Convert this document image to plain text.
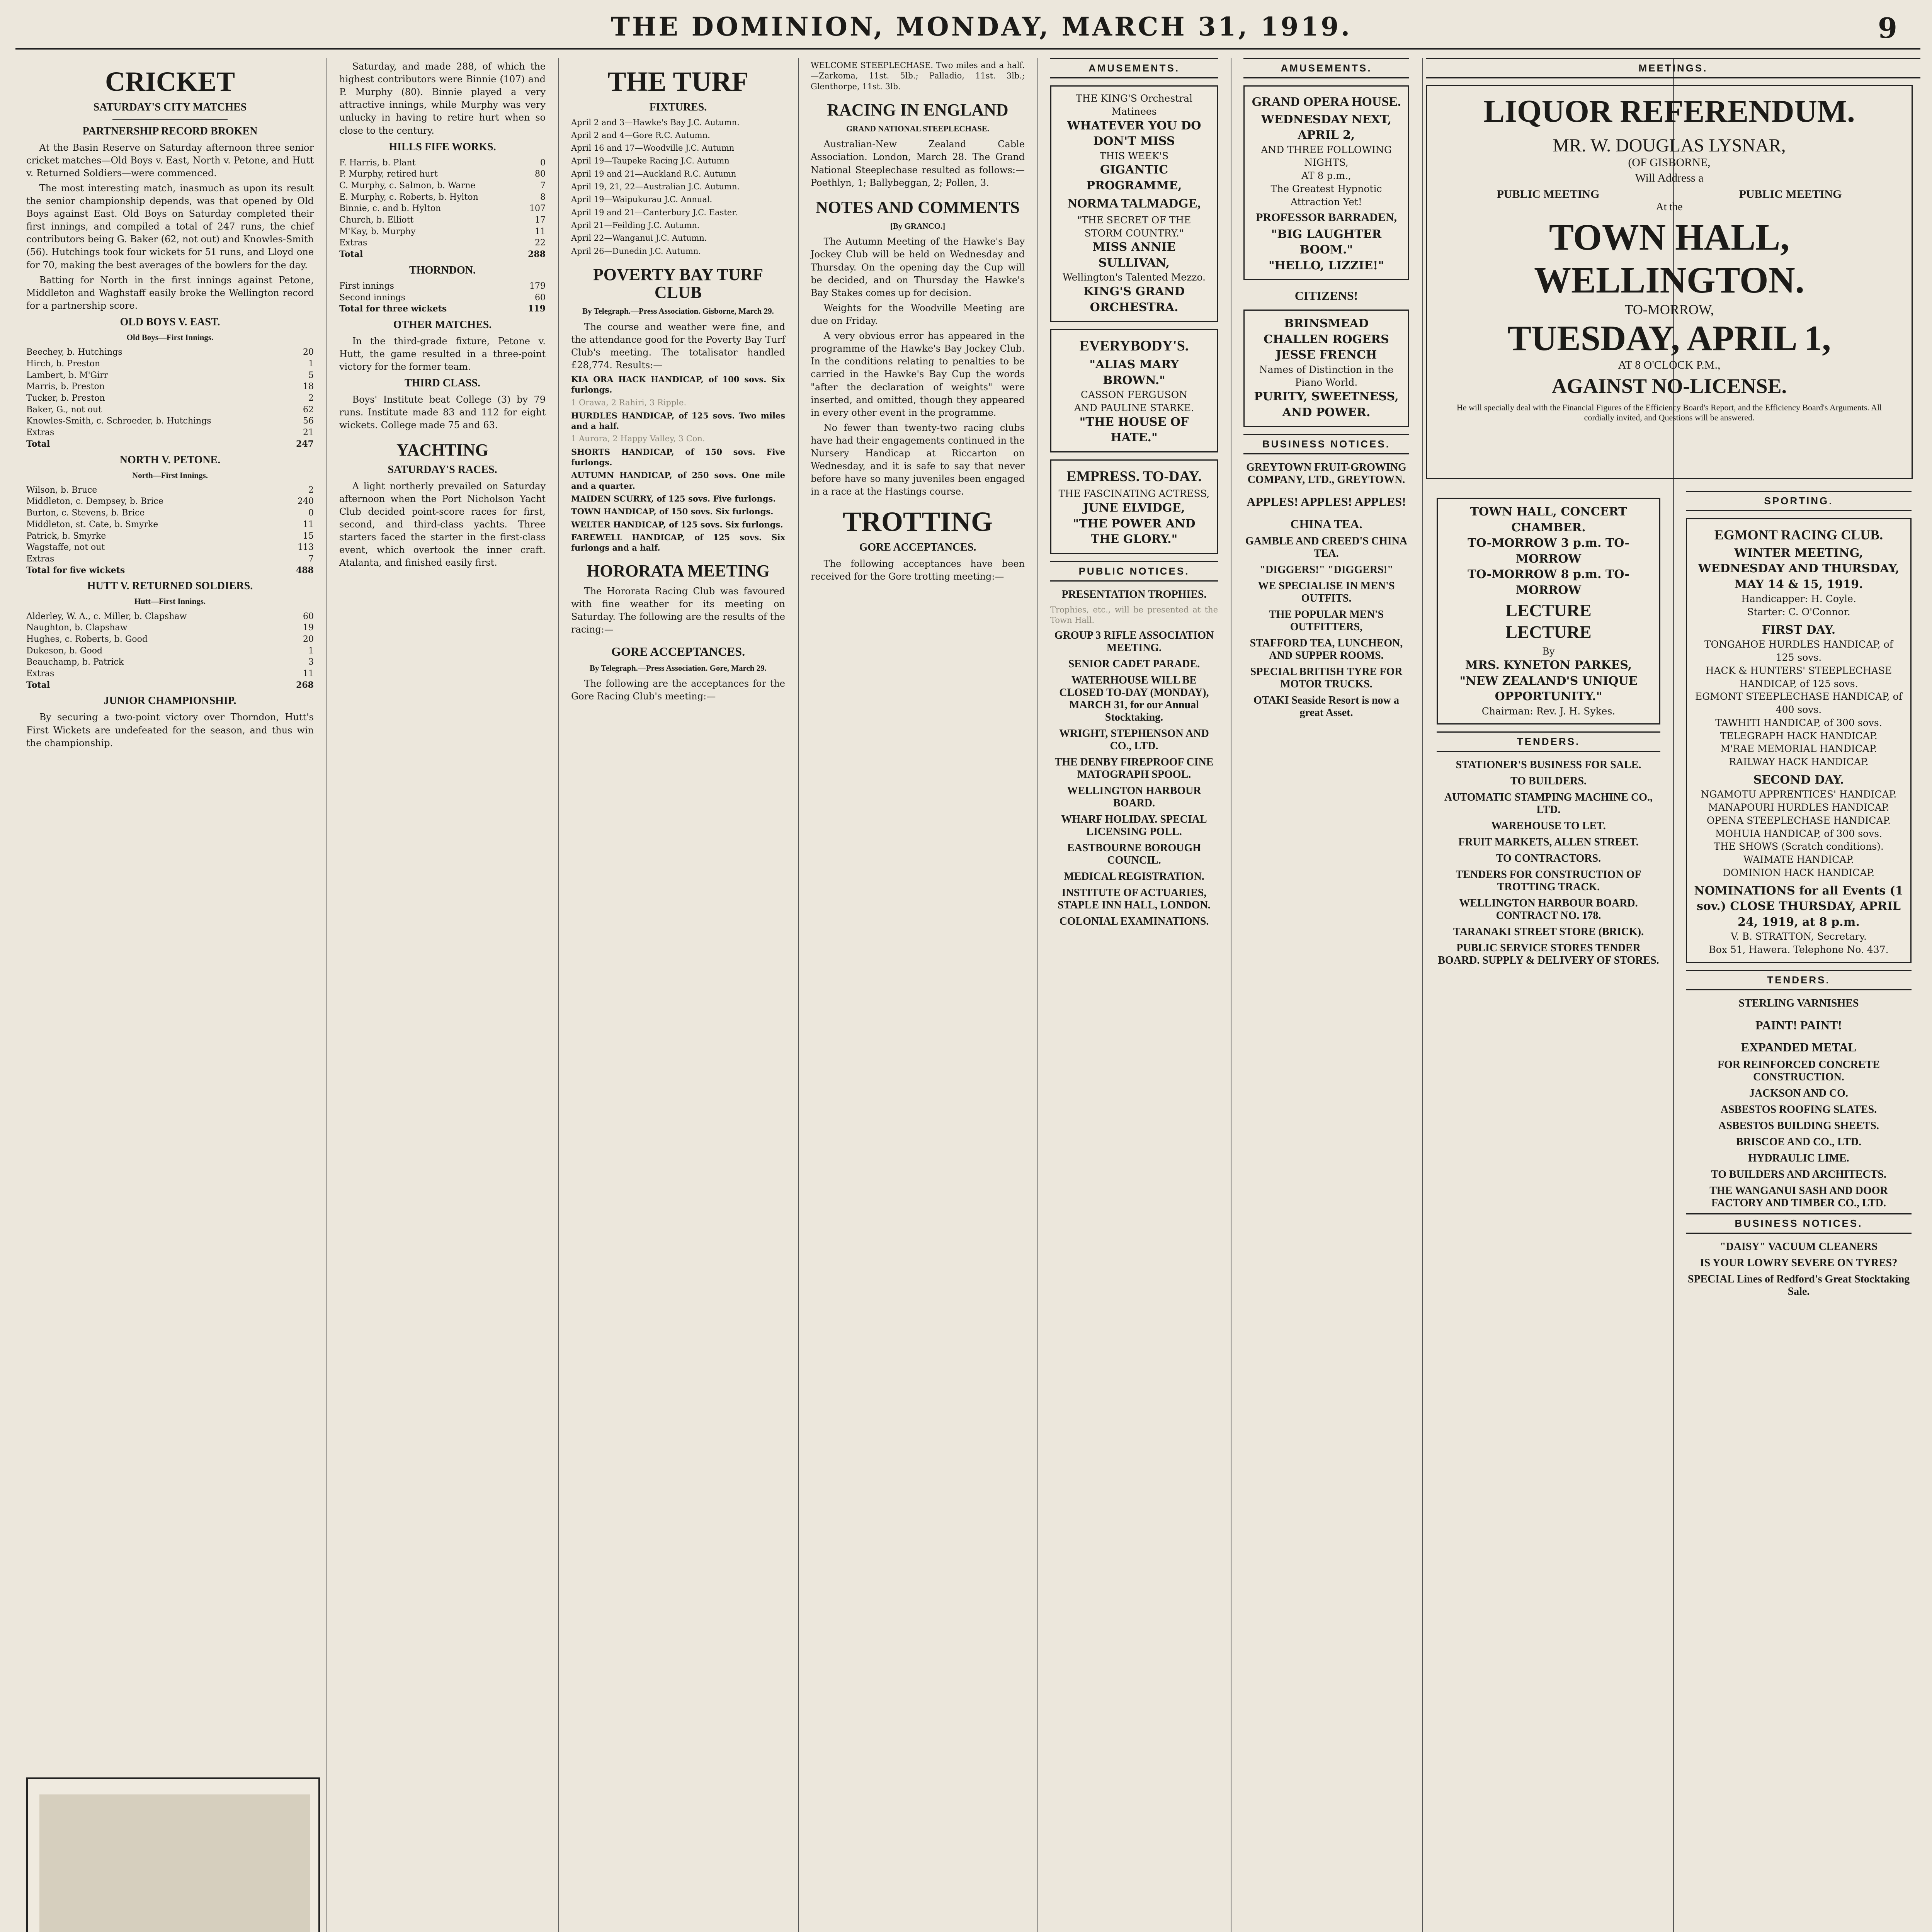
THE DOMINION, MONDAY, MARCH 31, 1919.	9
CRICKET
SATURDAY'S CITY MATCHES
PARTNERSHIP RECORD BROKEN
At the Basin Reserve on Saturday afternoon three senior cricket matches—Old Boys v. East, North v. Petone, and Hutt v. Returned Soldiers—were commenced.
The most interesting match, inasmuch as upon its result the senior championship depends, was that opened by Old Boys against East. Old Boys on Saturday completed their first innings, and compiled a total of 247 runs, the chief contributors being G. Baker (62, not out) and Knowles-Smith (56). Hutchings took four wickets for 51 runs, and Lloyd one for 70, making the best averages of the bowlers for the day.
Batting for North in the first innings against Petone, Middleton and Waghstaff easily broke the Wellington record for a partnership score.
OLD BOYS V. EAST.
Old Boys—First Innings.
Beechey, b. Hutchings	20
Hirch, b. Preston	1
Lambert, b. M'Girr	5
Marris, b. Preston	18
Tucker, b. Preston	2
Baker, G., not out	62
Knowles-Smith, c. Schroeder, b. Hutchings	56
Extras	21
Total	247
NORTH V. PETONE.
North—First Innings.
Wilson, b. Bruce	2
Middleton, c. Dempsey, b. Brice	240
Burton, c. Stevens, b. Brice	0
Middleton, st. Cate, b. Smyrke	11
Patrick, b. Smyrke	15
Wagstaffe, not out	113
Extras	7
Total for five wickets	488
HUTT V. RETURNED SOLDIERS.
Hutt—First Innings.
Alderley, W. A., c. Miller, b. Clapshaw	60
Naughton, b. Clapshaw	19
Hughes, c. Roberts, b. Good	20
Dukeson, b. Good	1
Beauchamp, b. Patrick	3
Extras	11
Total	268
JUNIOR CHAMPIONSHIP.
By securing a two-point victory over Thorndon, Hutt's First Wickets are undefeated for the season, and thus win the championship.
Saturday, and made 288, of which the highest contributors were Binnie (107) and P. Murphy (80). Binnie played a very attractive innings, while Murphy was very unlucky in having to retire hurt when so close to the century.
HILLS FIFE WORKS.
F. Harris, b. Plant	0
P. Murphy, retired hurt	80
C. Murphy, c. Salmon, b. Warne	7
E. Murphy, c. Roberts, b. Hylton	8
Binnie, c. and b. Hylton	107
Church, b. Elliott	17
M'Kay, b. Murphy	11
Extras	22
Total	288
THORNDON.
First innings	179
Second innings	60
Total for three wickets	119
OTHER MATCHES.
In the third-grade fixture, Petone v. Hutt, the game resulted in a three-point victory for the former team.
THIRD CLASS.
Boys' Institute beat College (3) by 79 runs. Institute made 83 and 112 for eight wickets. College made 75 and 63.
YACHTING
SATURDAY'S RACES.
A light northerly prevailed on Saturday afternoon when the Port Nicholson Yacht Club decided point-score races for first, second, and third-class yachts. Three starters faced the starter in the first-class event, which overtook the inner craft. Atalanta, and finished easily first.
THE TURF
FIXTURES.
April 2 and 3—Hawke's Bay J.C. Autumn.
April 2 and 4—Gore R.C. Autumn.
April 16 and 17—Woodville J.C. Autumn
April 19—Taupeke Racing J.C. Autumn
April 19 and 21—Auckland R.C. Autumn
April 19, 21, 22—Australian J.C. Autumn.
April 19—Waipukurau J.C. Annual.
April 19 and 21—Canterbury J.C. Easter.
April 21—Feilding J.C. Autumn.
April 22—Wanganui J.C. Autumn.
April 26—Dunedin J.C. Autumn.
POVERTY BAY TURF CLUB
By Telegraph.—Press Association. Gisborne, March 29.
The course and weather were fine, and the attendance good for the Poverty Bay Turf Club's meeting. The totalisator handled £28,774. Results:—
KIA ORA HACK HANDICAP, of 100 sovs. Six furlongs.
1 Orawa, 2 Rahiri, 3 Ripple.
HURDLES HANDICAP, of 125 sovs. Two miles and a half.
1 Aurora, 2 Happy Valley, 3 Con.
SHORTS HANDICAP, of 150 sovs. Five furlongs.
AUTUMN HANDICAP, of 250 sovs. One mile and a quarter.
MAIDEN SCURRY, of 125 sovs. Five furlongs.
TOWN HANDICAP, of 150 sovs. Six furlongs.
WELTER HANDICAP, of 125 sovs. Six furlongs.
FAREWELL HANDICAP, of 125 sovs. Six furlongs and a half.
HORORATA MEETING
The Hororata Racing Club was favoured with fine weather for its meeting on Saturday. The following are the results of the racing:—
GORE ACCEPTANCES.
By Telegraph.—Press Association. Gore, March 29.
The following are the acceptances for the Gore Racing Club's meeting:—
WELCOME STEEPLECHASE. Two miles and a half.—Zarkoma, 11st. 5lb.; Palladio, 11st. 3lb.; Glenthorpe, 11st. 3lb.
RACING IN ENGLAND
GRAND NATIONAL STEEPLECHASE.
Australian-New Zealand Cable Association. London, March 28. The Grand National Steeplechase resulted as follows:—Poethlyn, 1; Ballybeggan, 2; Pollen, 3.
NOTES AND COMMENTS
[By GRANCO.]
The Autumn Meeting of the Hawke's Bay Jockey Club will be held on Wednesday and Thursday. On the opening day the Cup will be decided, and on Thursday the Hawke's Bay Stakes comes up for decision.
Weights for the Woodville Meeting are due on Friday.
A very obvious error has appeared in the programme of the Hawke's Bay Jockey Club. In the conditions relating to penalties to be carried in the Hawke's Bay Cup the words "after the declaration of weights" were inserted, and omitted, though they appeared in every other event in the programme.
No fewer than twenty-two racing clubs have had their engagements continued in the Nursery Handicap at Riccarton on Wednesday, and it is safe to say that never before have so many juveniles been engaged in a race at the Hastings course.
TROTTING
GORE ACCEPTANCES.
The following acceptances have been received for the Gore trotting meeting:—
AMUSEMENTS.
THE KING'S Orchestral Matinees
WHATEVER YOU DO
DON'T MISS
THIS WEEK'S
GIGANTIC PROGRAMME,
NORMA TALMADGE,
"THE SECRET OF THE STORM COUNTRY."
MISS ANNIE SULLIVAN,
Wellington's Talented Mezzo.
KING'S GRAND ORCHESTRA.
EVERYBODY'S.
"ALIAS MARY BROWN."
CASSON FERGUSON
AND PAULINE STARKE.
"THE HOUSE OF HATE."
EMPRESS. TO-DAY.
THE FASCINATING ACTRESS,
JUNE ELVIDGE,
"THE POWER AND THE GLORY."
PUBLIC NOTICES.
PRESENTATION TROPHIES.
Trophies, etc., will be presented at the Town Hall.
GROUP 3 RIFLE ASSOCIATION MEETING.
SENIOR CADET PARADE.
WATERHOUSE WILL BE CLOSED TO-DAY (MONDAY), MARCH 31, for our Annual Stocktaking.
WRIGHT, STEPHENSON AND CO., LTD.
THE DENBY FIREPROOF CINE MATOGRAPH SPOOL.
WELLINGTON HARBOUR BOARD.
WHARF HOLIDAY. SPECIAL LICENSING POLL.
EASTBOURNE BOROUGH COUNCIL.
MEDICAL REGISTRATION.
INSTITUTE OF ACTUARIES, STAPLE INN HALL, LONDON.
COLONIAL EXAMINATIONS.
AMUSEMENTS.
GRAND OPERA HOUSE.
WEDNESDAY NEXT, APRIL 2,
AND THREE FOLLOWING NIGHTS,
AT 8 p.m.,
The Greatest Hypnotic Attraction Yet!
PROFESSOR BARRADEN,
"BIG LAUGHTER BOOM."
"HELLO, LIZZIE!"
CITIZENS!
BRINSMEAD CHALLEN ROGERS JESSE FRENCH
Names of Distinction in the Piano World.
PURITY, SWEETNESS, AND POWER.
BUSINESS NOTICES.
GREYTOWN FRUIT-GROWING COMPANY, LTD., GREYTOWN.
APPLES! APPLES! APPLES!
CHINA TEA.
GAMBLE AND CREED'S CHINA TEA.
"DIGGERS!" "DIGGERS!"
WE SPECIALISE IN MEN'S OUTFITS.
THE POPULAR MEN'S OUTFITTERS,
STAFFORD TEA, LUNCHEON, AND SUPPER ROOMS.
SPECIAL BRITISH TYRE FOR MOTOR TRUCKS.
OTAKI Seaside Resort is now a great Asset.
MEETINGS.
LIQUOR REFERENDUM.
MR. W. DOUGLAS LYSNAR,
(OF GISBORNE,
Will Address a
PUBLIC MEETING	PUBLIC MEETING
At the
TOWN HALL, WELLINGTON.
TO-MORROW,
TUESDAY, APRIL 1,
AT 8 O'CLOCK P.M.,
AGAINST NO-LICENSE.
He will specially deal with the Financial Figures of the Efficiency Board's Report, and the Efficiency Board's Arguments. All cordially invited, and Questions will be answered.
TOWN HALL, CONCERT CHAMBER.
TO-MORROW 3 p.m. TO-MORROW
TO-MORROW 8 p.m. TO-MORROW
LECTURE
LECTURE
By
MRS. KYNETON PARKES,
"NEW ZEALAND'S UNIQUE OPPORTUNITY."
Chairman: Rev. J. H. Sykes.
TENDERS.
STATIONER'S BUSINESS FOR SALE.
TO BUILDERS.
AUTOMATIC STAMPING MACHINE CO., LTD.
WAREHOUSE TO LET.
FRUIT MARKETS, ALLEN STREET.
TO CONTRACTORS.
TENDERS FOR CONSTRUCTION OF TROTTING TRACK.
WELLINGTON HARBOUR BOARD. CONTRACT NO. 178.
TARANAKI STREET STORE (BRICK).
PUBLIC SERVICE STORES TENDER BOARD. SUPPLY & DELIVERY OF STORES.
SPORTING.
EGMONT RACING CLUB.
WINTER MEETING,
WEDNESDAY AND THURSDAY,
MAY 14 & 15, 1919.
Handicapper: H. Coyle.
Starter: C. O'Connor.
FIRST DAY.
TONGAHOE HURDLES HANDICAP, of 125 sovs.
HACK & HUNTERS' STEEPLECHASE HANDICAP, of 125 sovs.
EGMONT STEEPLECHASE HANDICAP, of 400 sovs.
TAWHITI HANDICAP, of 300 sovs.
TELEGRAPH HACK HANDICAP.
M'RAE MEMORIAL HANDICAP.
RAILWAY HACK HANDICAP.
SECOND DAY.
NGAMOTU APPRENTICES' HANDICAP.
MANAPOURI HURDLES HANDICAP.
OPENA STEEPLECHASE HANDICAP.
MOHUIA HANDICAP, of 300 sovs.
THE SHOWS (Scratch conditions).
WAIMATE HANDICAP.
DOMINION HACK HANDICAP.
NOMINATIONS for all Events (1 sov.) CLOSE THURSDAY, APRIL 24, 1919, at 8 p.m.
V. B. STRATTON, Secretary.
Box 51, Hawera. Telephone No. 437.
TENDERS.
STERLING VARNISHES
PAINT! PAINT!
EXPANDED METAL
FOR REINFORCED CONCRETE CONSTRUCTION.
JACKSON AND CO.
ASBESTOS ROOFING SLATES.
ASBESTOS BUILDING SHEETS.
BRISCOE AND CO., LTD.
HYDRAULIC LIME.
TO BUILDERS AND ARCHITECTS.
THE WANGANUI SASH AND DOOR FACTORY AND TIMBER CO., LTD.
BUSINESS NOTICES.
"DAISY" VACUUM CLEANERS
IS YOUR LOWRY SEVERE ON TYRES?
SPECIAL Lines of Redford's Great Stocktaking Sale.
